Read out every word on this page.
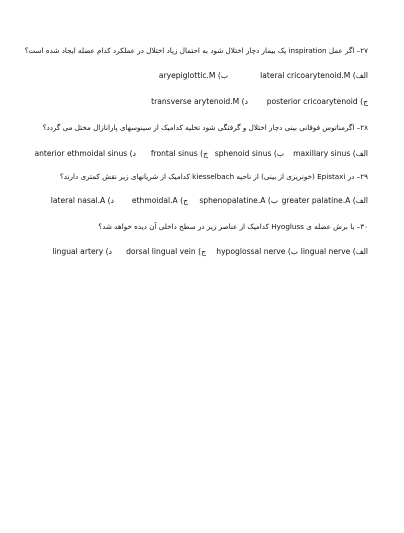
۲۷– اگر عمل inspiration یک بیمار دچار اختلال شود به احتمال زیاد اختلال در عملکرد کدام عضله ایجاد شده است؟
الف) lateral cricoarytenoid.M
ب) aryepiglottic.M
ج) posterior cricoarytenoid
د) transverse arytenoid.M
۲۸– اگرمناتوس فوقانی بینی دچار اختلال و گرفتگی شود تخلیه کدامیک از سینوسهای پارانازال مختل می گردد؟
الف) maxillary sinus
ب) sphenoid sinus
ج) frontal sinus
د) anterior ethmoidal sinus
۲۹– در Epistaxi (خونریزی از بینی) از ناحیه kiesselbach کدامیک از شریانهای زیر نقش کمتری دارند؟
الف) greater palatine.A
ب) sphenopalatine.A
ج) ethmoidal.A
د) lateral nasal.A
۳۰– با برش عضله ی Hyogluss کدامیک از عناصر زیر در سطح داخلی آن دیده خواهد شد؟
الف) lingual nerve
ب) hypoglossal nerve
ج) dorsal lingual vein
د) lingual artery
